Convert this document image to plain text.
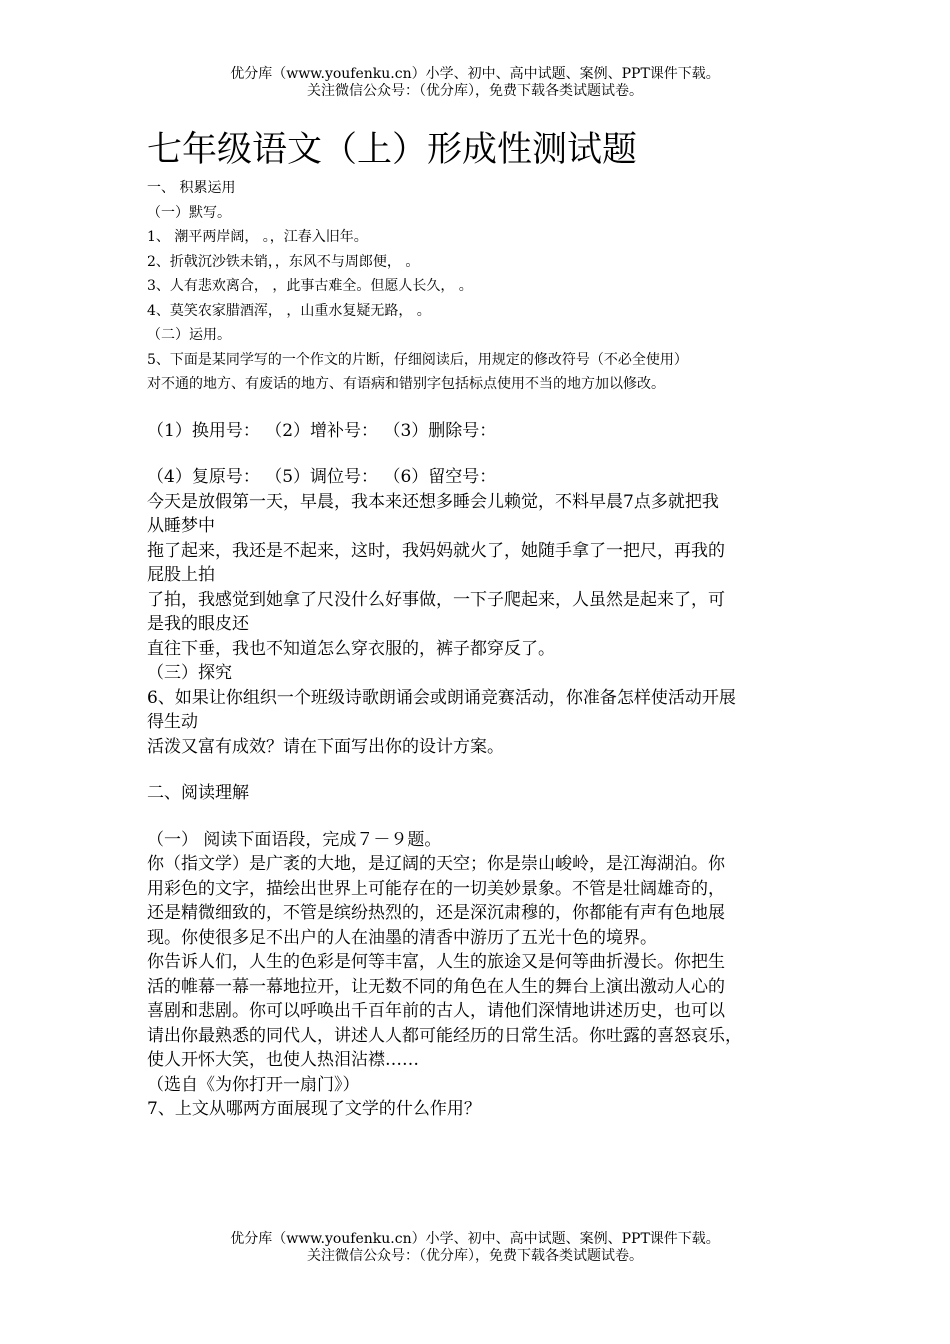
优分库（www.youfenku.cn）小学、初中、高中试题、案例、PPT课件下载。
关注微信公众号：（优分库），免费下载各类试题试卷。
七年级语文（上）形成性测试题
一、 积累运用
（一）默写。
1、 潮平两岸阔， 。，江春入旧年。
2、折戟沉沙铁未销，，东风不与周郎便， 。
3、人有悲欢离合， ，此事古难全。但愿人长久， 。
4、莫笑农家腊酒浑， ，山重水复疑无路， 。
（二）运用。
5、下面是某同学写的一个作文的片断，仔细阅读后，用规定的修改符号（不必全使用）
对不通的地方、有废话的地方、有语病和错别字包括标点使用不当的地方加以修改。
（1）换用号： （2）增补号： （3）删除号：
（4）复原号： （5）调位号： （6）留空号：
今天是放假第一天，早晨，我本来还想多睡会儿赖觉，不料早晨7点多就把我
从睡梦中
拖了起来，我还是不起来，这时，我妈妈就火了，她随手拿了一把尺，再我的
屁股上拍
了拍，我感觉到她拿了尺没什么好事做，一下子爬起来，人虽然是起来了，可
是我的眼皮还
直往下垂，我也不知道怎么穿衣服的，裤子都穿反了。
（三）探究
6、如果让你组织一个班级诗歌朗诵会或朗诵竞赛活动，你准备怎样使活动开展
得生动
活泼又富有成效？请在下面写出你的设计方案。
二、阅读理解
（一） 阅读下面语段，完成７－９题。
你（指文学）是广袤的大地，是辽阔的天空；你是崇山峻岭，是江海湖泊。你
用彩色的文字，描绘出世界上可能存在的一切美妙景象。不管是壮阔雄奇的，
还是精微细致的，不管是缤纷热烈的，还是深沉肃穆的，你都能有声有色地展
现。你使很多足不出户的人在油墨的清香中游历了五光十色的境界。
你告诉人们，人生的色彩是何等丰富，人生的旅途又是何等曲折漫长。你把生
活的帷幕一幕一幕地拉开，让无数不同的角色在人生的舞台上演出激动人心的
喜剧和悲剧。你可以呼唤出千百年前的古人，请他们深情地讲述历史，也可以
请出你最熟悉的同代人，讲述人人都可能经历的日常生活。你吐露的喜怒哀乐，
使人开怀大笑，也使人热泪沾襟……
（选自《为你打开一扇门》）
7、上文从哪两方面展现了文学的什么作用？
优分库（www.youfenku.cn）小学、初中、高中试题、案例、PPT课件下载。
关注微信公众号：（优分库），免费下载各类试题试卷。
